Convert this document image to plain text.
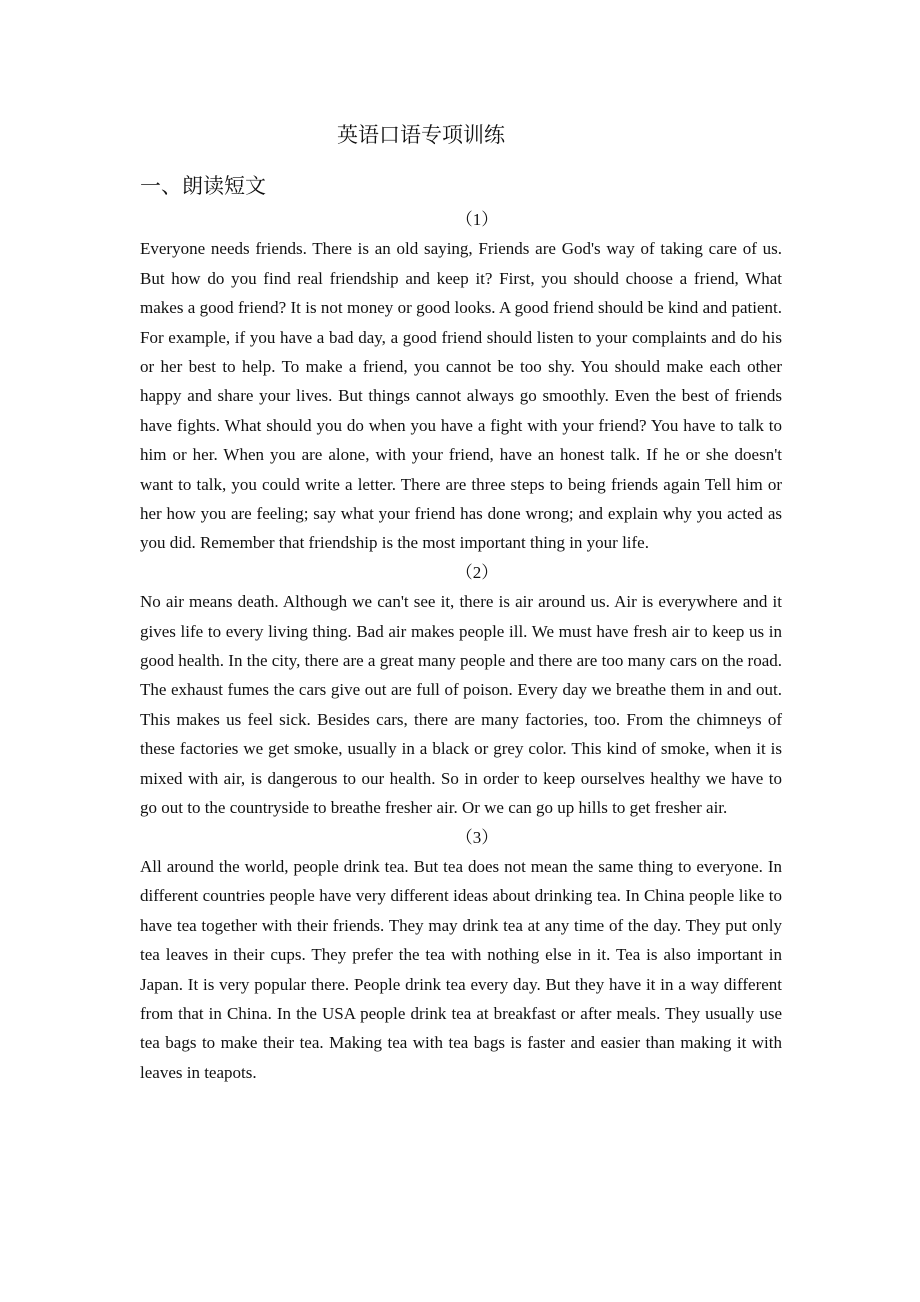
英语口语专项训练
一、朗读短文
（1）

Everyone needs friends. There is an old saying, Friends are God's way of taking care of us. But how do you find real friendship and keep it? First, you should choose a friend, What makes a good friend? It is not money or good looks. A good friend should be kind and patient. For example, if you have a bad day, a good friend should listen to your complaints and do his or her best to help. To make a friend, you cannot be too shy. You should make each other happy and share your lives. But things cannot always go smoothly. Even the best of friends have fights. What should you do when you have a fight with your friend? You have to talk to him or her. When you are alone, with your friend, have an honest talk. If he or she doesn't want to talk, you could write a letter. There are three steps to being friends again Tell him or her how you are feeling; say what your friend has done wrong; and explain why you acted as you did. Remember that friendship is the most important thing in your life.

（2）

No air means death. Although we can't see it, there is air around us. Air is everywhere and it gives life to every living thing. Bad air makes people ill. We must have fresh air to keep us in good health. In the city, there are a great many people and there are too many cars on the road. The exhaust fumes the cars give out are full of poison. Every day we breathe them in and out. This makes us feel sick. Besides cars, there are many factories, too. From the chimneys of these factories we get smoke, usually in a black or grey color. This kind of smoke, when it is mixed with air, is dangerous to our health. So in order to keep ourselves healthy we have to go out to the countryside to breathe fresher air. Or we can go up hills to get fresher air.

（3）

All around the world, people drink tea. But tea does not mean the same thing to everyone. In different countries people have very different ideas about drinking tea. In China people like to have tea together with their friends. They may drink tea at any time of the day. They put only tea leaves in their cups. They prefer the tea with nothing else in it. Tea is also important in Japan. It is very popular there. People drink tea every day. But they have it in a way different from that in China. In the USA people drink tea at breakfast or after meals. They usually use tea bags to make their tea. Making tea with tea bags is faster and easier than making it with leaves in teapots.
